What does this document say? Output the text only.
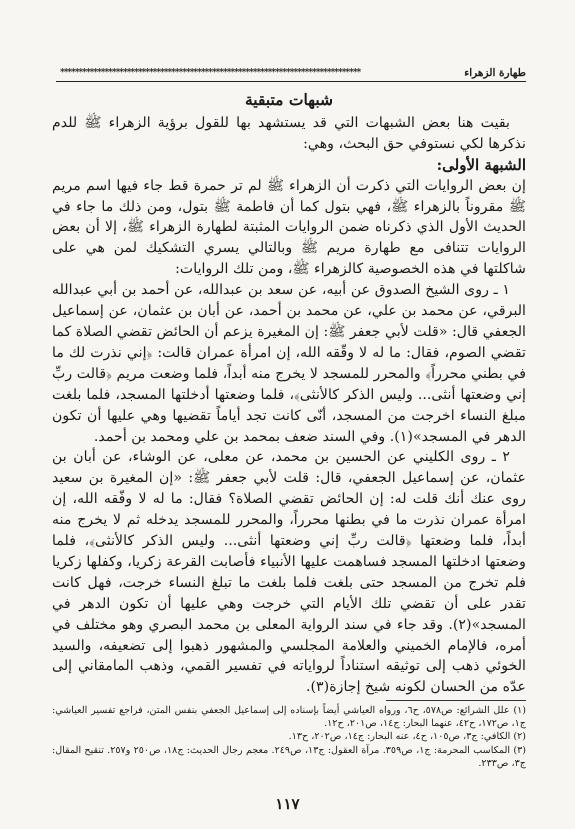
طهارة الزهراء
*********************************************************************************

شبهات متبقية

بقيت هنا بعض الشبهات التي قد يستشهد بها للقول برؤية الزهراء ﷺ للدم نذكرها لكي نستوفي حق البحث، وهي:

الشبهة الأولى:

إن بعض الروايات التي ذكرت أن الزهراء ﷺ لم تر حمرة قط جاء فيها اسم مريم ﷺ مقروناً بالزهراء ﷺ، فهي بتول كما أن فاطمة ﷺ بتول، ومن ذلك ما جاء في الحديث الأول الذي ذكرناه ضمن الروايات المثبتة لطهارة الزهراء ﷺ، إلا أن بعض الروايات تتنافى مع طهارة مريم ﷺ وبالتالي يسري التشكيك لمن هي على شاكلتها في هذه الخصوصية كالزهراء ﷺ، ومن تلك الروايات:

١ ـ روى الشيخ الصدوق عن أبيه، عن سعد بن عبدالله، عن أحمد بن أبي عبدالله البرقي، عن محمد بن علي، عن محمد بن أحمد، عن أبان بن عثمان، عن إسماعيل الجعفي قال: «قلت لأبي جعفر ﷺ: إن المغيرة يزعم أن الحائض تقضي الصلاة كما تقضي الصوم، فقال: ما له لا وقّقه الله، إن امرأة عمران قالت: ﴿إني نذرت لك ما في بطني محرراً﴾ والمحرر للمسجد لا يخرج منه أبداً، فلما وضعت مريم ﴿قالت ربِّ إني وضعتها أنثى... وليس الذكر كالأنثى﴾، فلما وضعتها أدخلتها المسجد، فلما بلغت مبلغ النساء اخرجت من المسجد، أنّى كانت تجد أياماً تقضيها وهي عليها أن تكون الدهر في المسجد»(١). وفي السند ضعف بمحمد بن علي ومحمد بن أحمد.

٢ ـ روى الكليني عن الحسين بن محمد، عن معلى، عن الوشاء، عن أبان بن عثمان، عن إسماعيل الجعفي، قال: قلت لأبي جعفر ﷺ: «إن المغيرة بن سعيد روى عنك أنك قلت له: إن الحائض تقضي الصلاة؟ فقال: ما له لا وفّقه الله، إن امرأة عمران نذرت ما في بطنها محرراً، والمحرر للمسجد يدخله ثم لا يخرج منه أبداً، فلما وضعتها ﴿قالت ربِّ إني وضعتها أنثى... وليس الذكر كالأنثى﴾، فلما وضعتها ادخلتها المسجد فساهمت عليها الأنبياء فأصابت القرعة زكريا، وكفلها زكريا فلم تخرج من المسجد حتى بلغت فلما بلغت ما تبلغ النساء خرجت، فهل كانت تقدر على أن تقضي تلك الأيام التي خرجت وهي عليها أن تكون الدهر في المسجد»(٢). وقد جاء في سند الرواية المعلى بن محمد البصري وهو مختلف في أمره، فالإمام الخميني والعلامة المجلسي والمشهور ذهبوا إلى تضعيفه، والسيد الخوئي ذهب إلى توثيقه استناداً لرواياته في تفسير القمي، وذهب المامقاني إلى عدّه من الحسان لكونه شيخ إجازة(٣).

(١) علل الشرائع: ص٥٧٨، ح٦، ورواه العياشي أيضاً بإسناده إلى إسماعيل الجعفي بنفس المتن، فراجع تفسير العياشي: ج١، ص١٧٢، ح٤٢، عنهما البحار: ج١٤، ص٢٠١، ح١٢.

(٢) الكافي: ج٣، ص١٠٥، ح٤، عنه البحار: ج١٤، ص٢٠٢، ح١٣.

(٣) المكاسب المحرمة: ج١، ص٣٥٩. مرآة العقول: ج١٣، ص٢٤٩. معجم رجال الحديث: ج١٨، ص٢٥٠ و٢٥٧. تنقيح المقال: ج٣، ص٢٣٣.

١١٧
